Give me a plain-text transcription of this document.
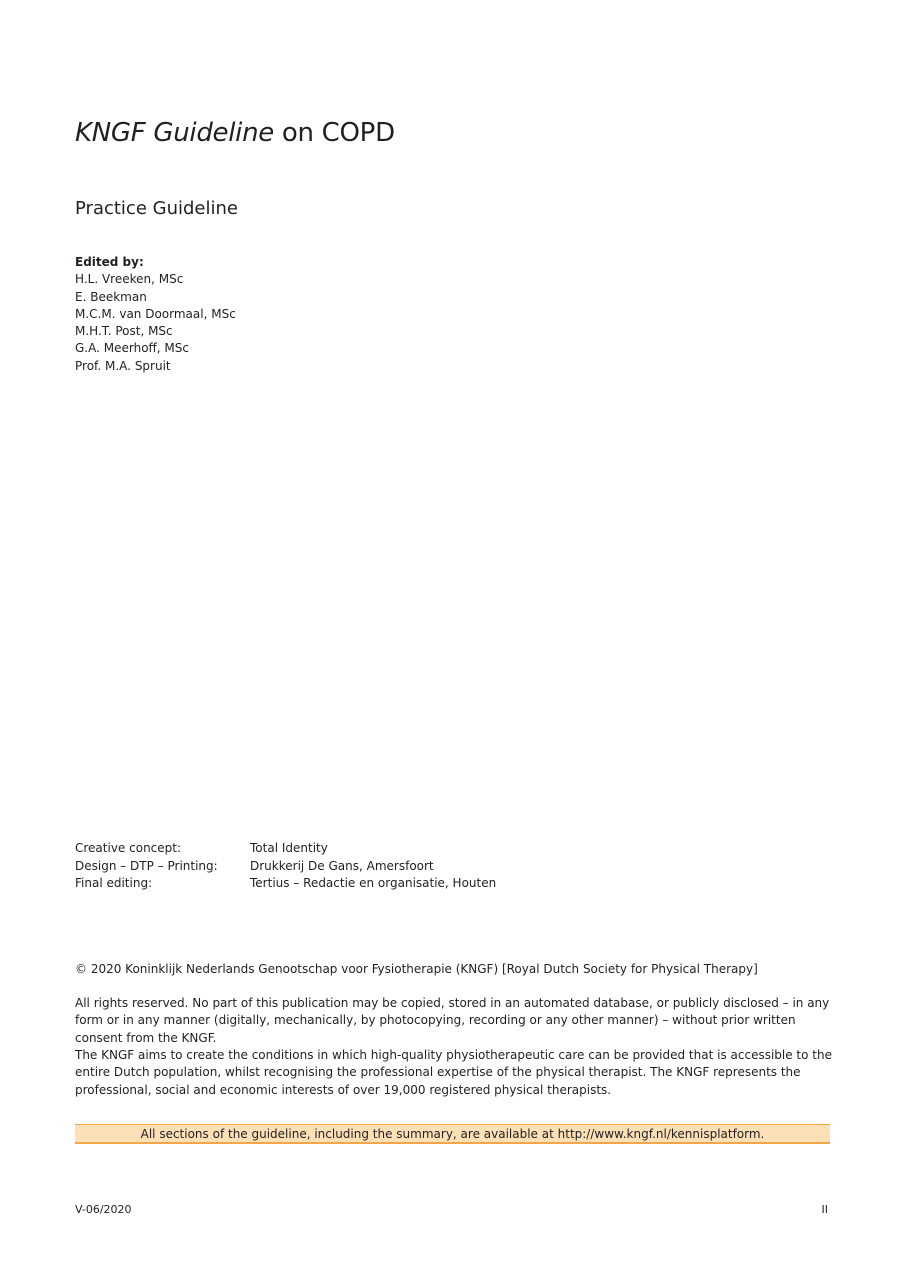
KNGF Guideline on COPD
Practice Guideline
Edited by:
H.L. Vreeken, MSc
E. Beekman
M.C.M. van Doormaal, MSc
M.H.T. Post, MSc
G.A. Meerhoff, MSc
Prof. M.A. Spruit
Creative concept:	Total Identity
Design – DTP – Printing:	Drukkerij De Gans, Amersfoort
Final editing:	Tertius – Redactie en organisatie, Houten

© 2020 Koninklijk Nederlands Genootschap voor Fysiotherapie (KNGF) [Royal Dutch Society for Physical Therapy]

All rights reserved. No part of this publication may be copied, stored in an automated database, or publicly disclosed – in any form or in any manner (digitally, mechanically, by photocopying, recording or any other manner) – without prior written consent from the KNGF.

The KNGF aims to create the conditions in which high-quality physiotherapeutic care can be provided that is accessible to the entire Dutch population, whilst recognising the professional expertise of the physical therapist. The KNGF represents the professional, social and economic interests of over 19,000 registered physical therapists.

All sections of the guideline, including the summary, are available at http://www.kngf.nl/kennisplatform.
V-06/2020	II
